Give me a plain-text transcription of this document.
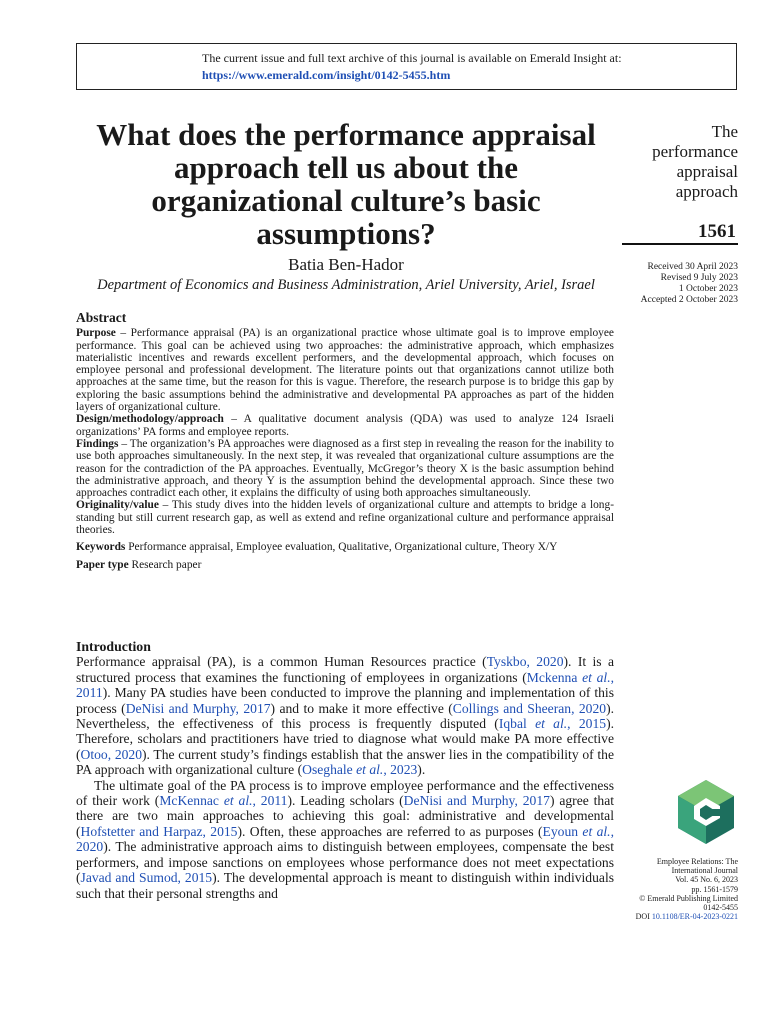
The current issue and full text archive of this journal is available on Emerald Insight at:
https://www.emerald.com/insight/0142-5455.htm
What does the performance appraisal approach tell us about the organizational culture’s basic assumptions?
The
performance
appraisal
approach
1561
Received 30 April 2023
Revised 9 July 2023
1 October 2023
Accepted 2 October 2023
Batia Ben-Hador
Department of Economics and Business Administration, Ariel University, Ariel, Israel
Abstract

Purpose – Performance appraisal (PA) is an organizational practice whose ultimate goal is to improve employee performance. This goal can be achieved using two approaches: the administrative approach, which emphasizes materialistic incentives and rewards excellent performers, and the developmental approach, which focuses on employee personal and professional development. The literature points out that organizations cannot utilize both approaches at the same time, but the reason for this is vague. Therefore, the research purpose is to bridge this gap by exploring the basic assumptions behind the administrative and developmental PA approaches as part of the hidden layers of organizational culture.

Design/methodology/approach – A qualitative document analysis (QDA) was used to analyze 124 Israeli organizations’ PA forms and employee reports.

Findings – The organization’s PA approaches were diagnosed as a first step in revealing the reason for the inability to use both approaches simultaneously. In the next step, it was revealed that organizational culture assumptions are the reason for the contradiction of the PA approaches. Eventually, McGregor’s theory X is the basic assumption behind the administrative approach, and theory Y is the assumption behind the developmental approach. Since these two approaches contradict each other, it explains the difficulty of using both approaches simultaneously.

Originality/value – This study dives into the hidden levels of organizational culture and attempts to bridge a long-standing but still current research gap, as well as extend and refine organizational culture and performance appraisal theories.

Keywords Performance appraisal, Employee evaluation, Qualitative, Organizational culture, Theory X/Y

Paper type Research paper

Introduction

Performance appraisal (PA), is a common Human Resources practice (Tyskbo, 2020). It is a structured process that examines the functioning of employees in organizations (Mckenna et al., 2011). Many PA studies have been conducted to improve the planning and implementation of this process (DeNisi and Murphy, 2017) and to make it more effective (Collings and Sheeran, 2020). Nevertheless, the effectiveness of this process is frequently disputed (Iqbal et al., 2015). Therefore, scholars and practitioners have tried to diagnose what would make PA more effective (Otoo, 2020). The current study’s findings establish that the answer lies in the compatibility of the PA approach with organizational culture (Oseghale et al., 2023).

The ultimate goal of the PA process is to improve employee performance and the effectiveness of their work (McKennac et al., 2011). Leading scholars (DeNisi and Murphy, 2017) agree that there are two main approaches to achieving this goal: administrative and developmental (Hofstetter and Harpaz, 2015). Often, these approaches are referred to as purposes (Eyoun et al., 2020). The administrative approach aims to distinguish between employees, compensate the best performers, and impose sanctions on employees whose performance does not meet expectations (Javad and Sumod, 2015). The developmental approach is meant to distinguish within individuals such that their personal strengths and

Employee Relations: The
International Journal
Vol. 45 No. 6, 2023
pp. 1561-1579
© Emerald Publishing Limited
0142-5455
DOI 10.1108/ER-04-2023-0221
